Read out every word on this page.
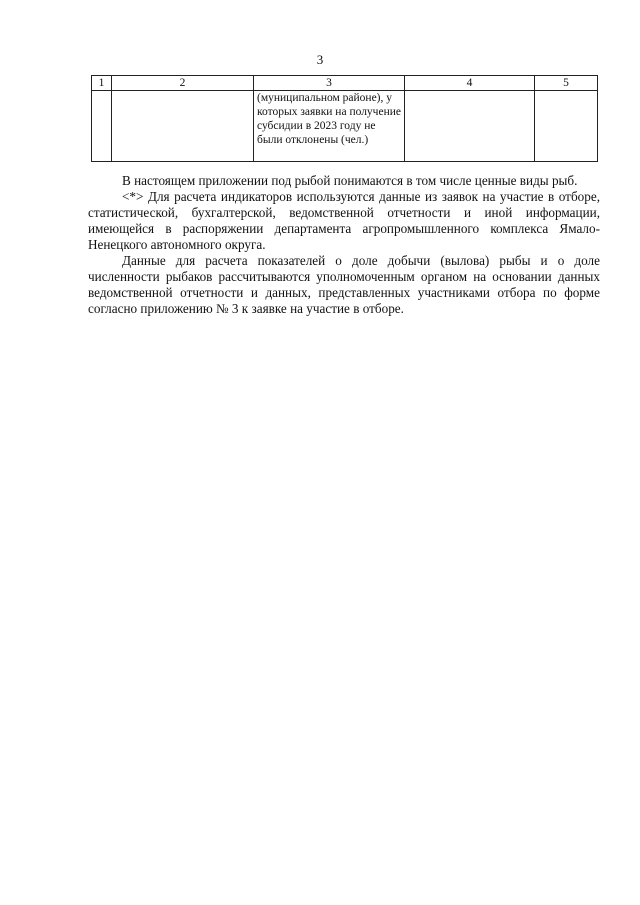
3
1	2	3	4	5
		(муниципальном районе), у которых заявки на получение субсидии в 2023 году не были отклонены (чел.)		

В настоящем приложении под рыбой понимаются в том числе ценные виды рыб.

<*> Для расчета индикаторов используются данные из заявок на участие в отборе, статистической, бухгалтерской, ведомственной отчетности и иной информации, имеющейся в распоряжении департамента агропромышленного комплекса Ямало-Ненецкого автономного округа.

Данные для расчета показателей о доле добычи (вылова) рыбы и о доле численности рыбаков рассчитываются уполномоченным органом на основании данных ведомственной отчетности и данных, представленных участниками отбора по форме согласно приложению № 3 к заявке на участие в отборе.
